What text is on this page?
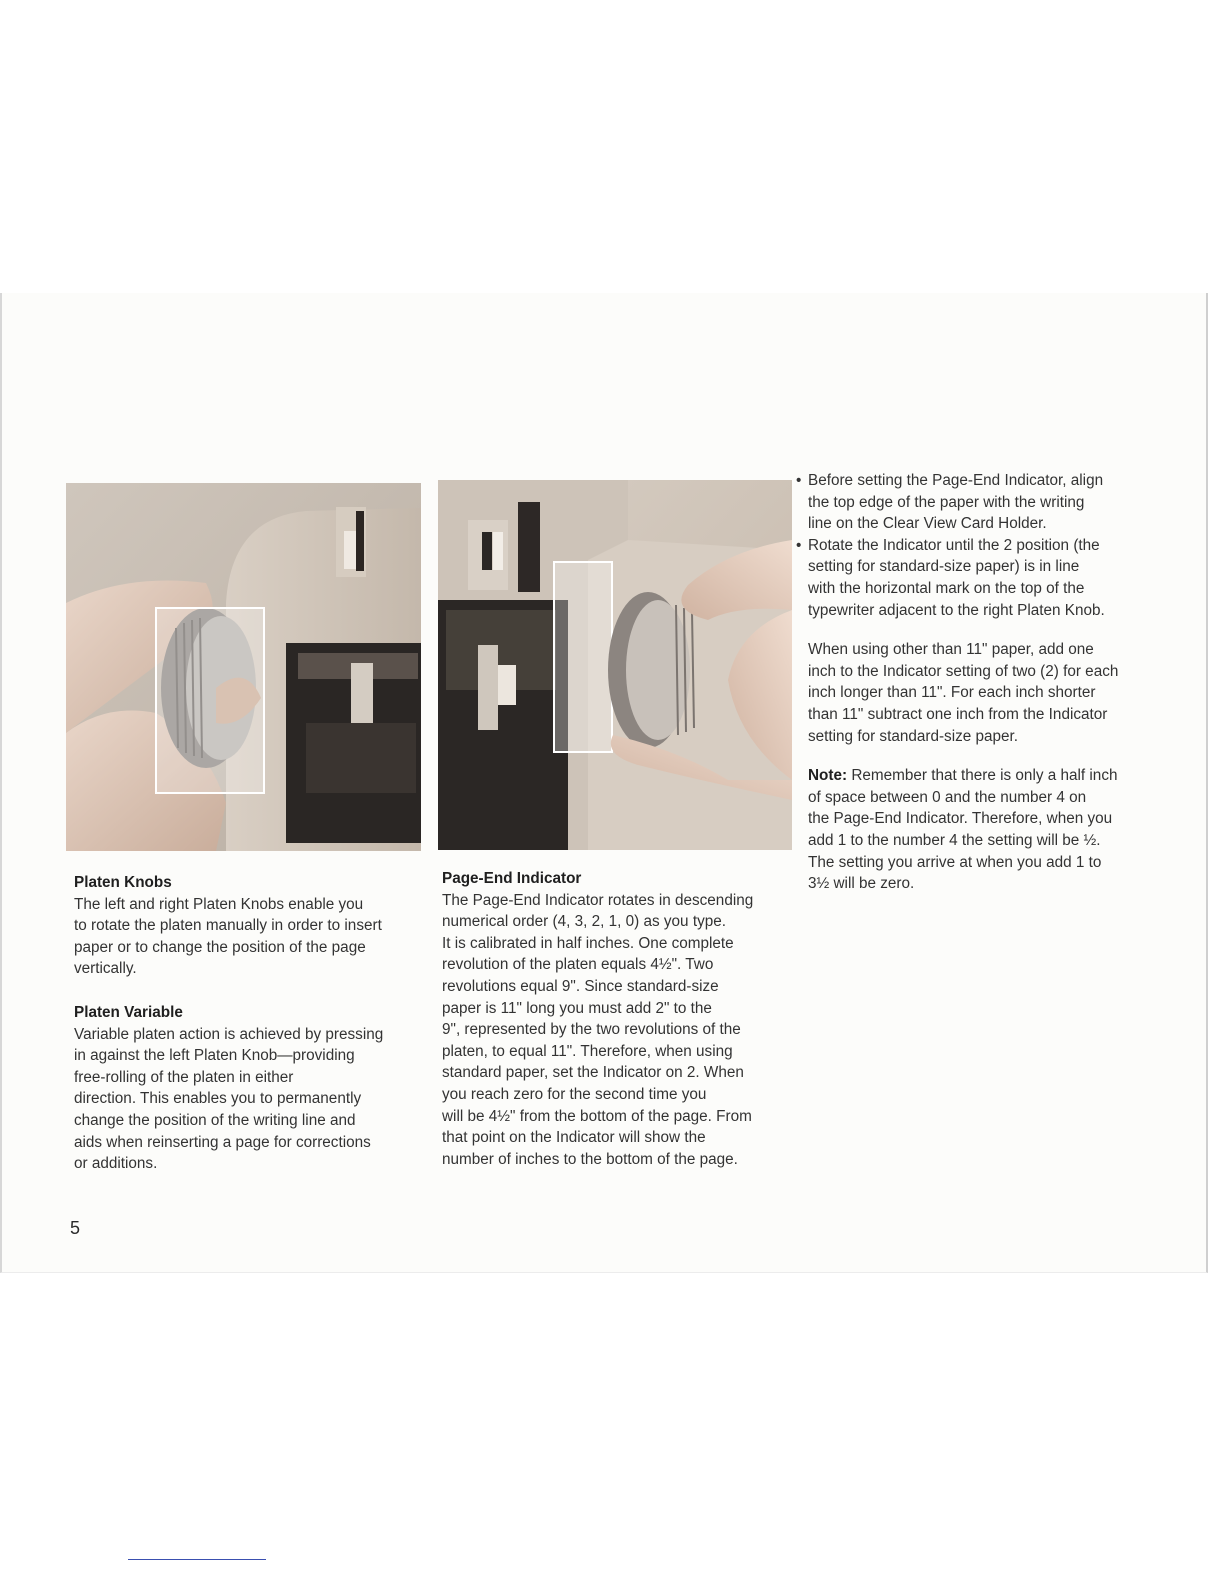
Platen Knobs

The left and right Platen Knobs enable you

to rotate the platen manually in order to insert

paper or to change the position of the page

vertically.

Platen Variable

Variable platen action is achieved by pressing

in against the left Platen Knob—providing

free-rolling of the platen in either

direction. This enables you to permanently

change the position of the writing line and

aids when reinserting a page for corrections

or additions.

Page-End Indicator

The Page-End Indicator rotates in descending

numerical order (4, 3, 2, 1, 0) as you type.

It is calibrated in half inches. One complete

revolution of the platen equals 4½". Two

revolutions equal 9". Since standard-size

paper is 11" long you must add 2" to the

9", represented by the two revolutions of the

platen, to equal 11". Therefore, when using

standard paper, set the Indicator on 2. When

you reach zero for the second time you

will be 4½" from the bottom of the page. From

that point on the Indicator will show the

number of inches to the bottom of the page.

• Before setting the Page-End Indicator, align

the top edge of the paper with the writing

line on the Clear View Card Holder.

• Rotate the Indicator until the 2 position (the

setting for standard-size paper) is in line

with the horizontal mark on the top of the

typewriter adjacent to the right Platen Knob.

When using other than 11" paper, add one

inch to the Indicator setting of two (2) for each

inch longer than 11". For each inch shorter

than 11" subtract one inch from the Indicator

setting for standard-size paper.

Note: Remember that there is only a half inch

of space between 0 and the number 4 on

the Page-End Indicator. Therefore, when you

add 1 to the number 4 the setting will be ½.

The setting you arrive at when you add 1 to

3½ will be zero.

5
